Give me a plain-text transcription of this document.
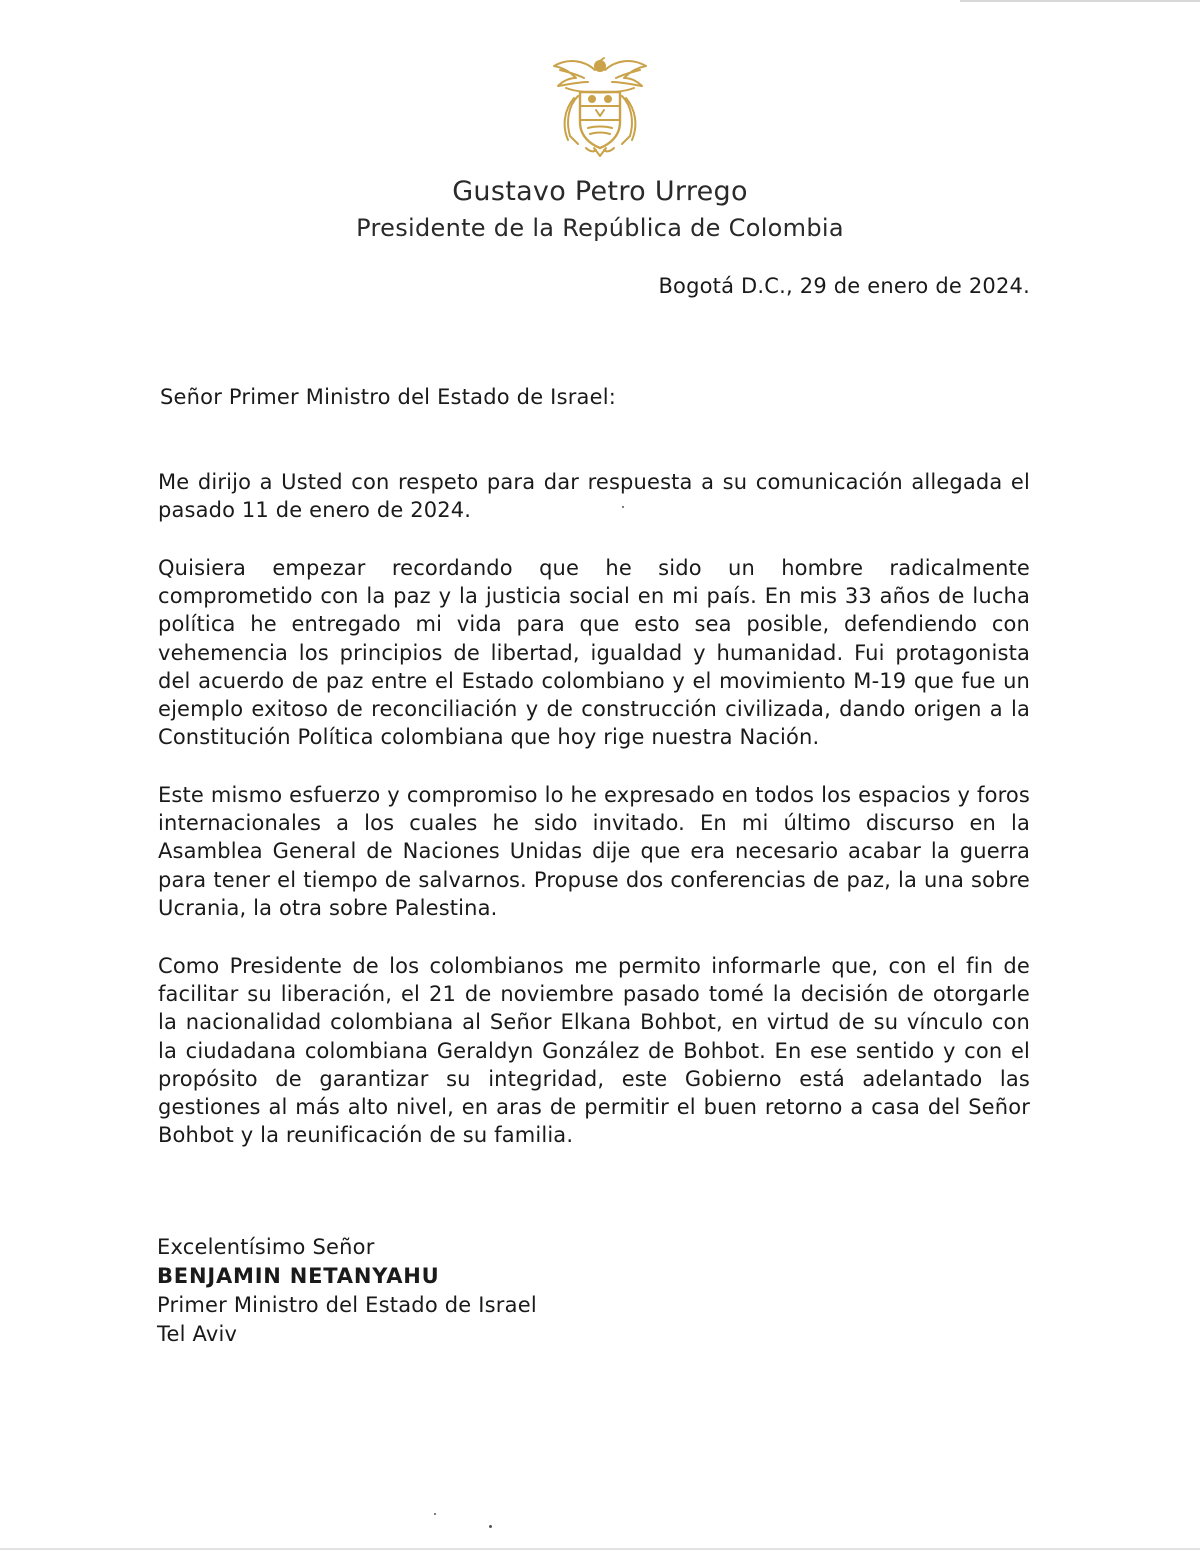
Gustavo Petro Urrego
Presidente de la República de Colombia
Bogotá D.C., 29 de enero de 2024.
Señor Primer Ministro del Estado de Israel:
Me dirijo a Usted con respeto para dar respuesta a su comunicación allegada el pasado 11 de enero de 2024.
Quisiera empezar recordando que he sido un hombre radicalmente comprometido con la paz y la justicia social en mi país. En mis 33 años de lucha política he entregado mi vida para que esto sea posible, defendiendo con vehemencia los principios de libertad, igualdad y humanidad. Fui protagonista del acuerdo de paz entre el Estado colombiano y el movimiento M-19 que fue un ejemplo exitoso de reconciliación y de construcción civilizada, dando origen a la Constitución Política colombiana que hoy rige nuestra Nación.
Este mismo esfuerzo y compromiso lo he expresado en todos los espacios y foros internacionales a los cuales he sido invitado. En mi último discurso en la Asamblea General de Naciones Unidas dije que era necesario acabar la guerra para tener el tiempo de salvarnos. Propuse dos conferencias de paz, la una sobre Ucrania, la otra sobre Palestina.
Como Presidente de los colombianos me permito informarle que, con el fin de facilitar su liberación, el 21 de noviembre pasado tomé la decisión de otorgarle la nacionalidad colombiana al Señor Elkana Bohbot, en virtud de su vínculo con la ciudadana colombiana Geraldyn González de Bohbot. En ese sentido y con el propósito de garantizar su integridad, este Gobierno está adelantado las gestiones al más alto nivel, en aras de permitir el buen retorno a casa del Señor Bohbot y la reunificación de su familia.
Excelentísimo Señor
BENJAMIN NETANYAHU
Primer Ministro del Estado de Israel
Tel Aviv
